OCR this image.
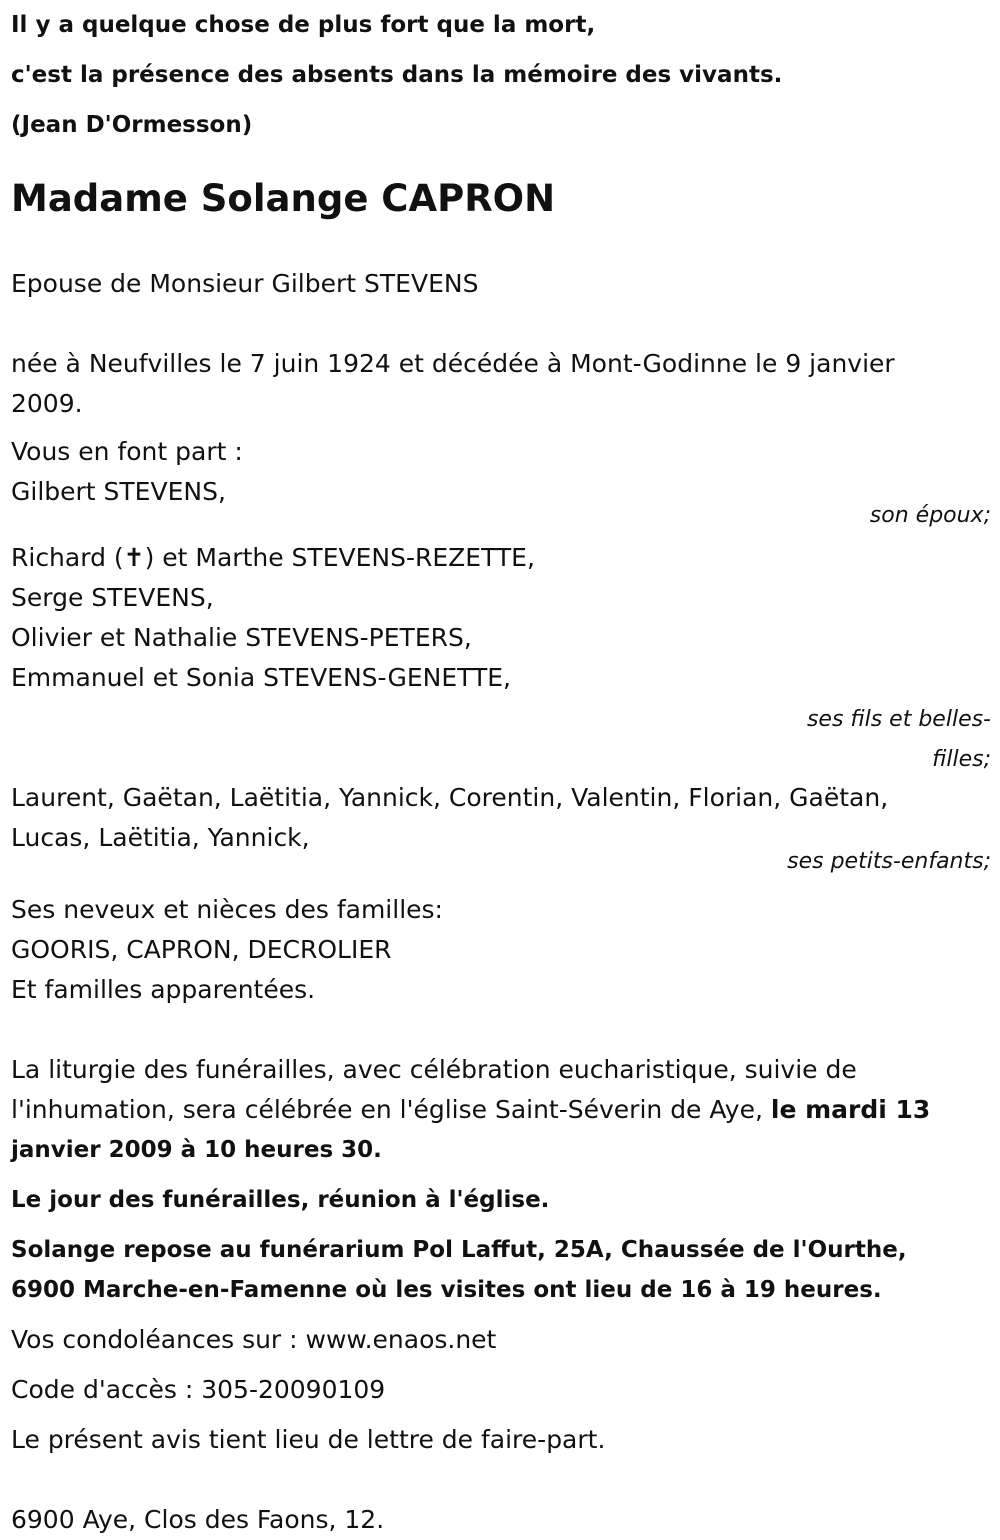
Il y a quelque chose de plus fort que la mort,

c'est la présence des absents dans la mémoire des vivants.

(Jean D'Ormesson)

Madame Solange CAPRON

Epouse de Monsieur Gilbert STEVENS

née à Neufvilles le 7 juin 1924 et décédée à Mont-Godinne le 9 janvier

2009.

Vous en font part :

Gilbert STEVENS,

son époux;

Richard (✝) et Marthe STEVENS-REZETTE,

Serge STEVENS,

Olivier et Nathalie STEVENS-PETERS,

Emmanuel et Sonia STEVENS-GENETTE,

ses fils et belles-

filles;

Laurent, Gaëtan, Laëtitia, Yannick, Corentin, Valentin, Florian, Gaëtan,

Lucas, Laëtitia, Yannick,

ses petits-enfants;

Ses neveux et nièces des familles:

GOORIS, CAPRON, DECROLIER

Et familles apparentées.

La liturgie des funérailles, avec célébration eucharistique, suivie de

l'inhumation, sera célébrée en l'église Saint-Séverin de Aye, le mardi 13

janvier 2009 à 10 heures 30.

Le jour des funérailles, réunion à l'église.

Solange repose au funérarium Pol Laffut, 25A, Chaussée de l'Ourthe,

6900 Marche-en-Famenne où les visites ont lieu de 16 à 19 heures.

Vos condoléances sur : www.enaos.net

Code d'accès : 305-20090109

Le présent avis tient lieu de lettre de faire-part.

6900 Aye, Clos des Faons, 12.
